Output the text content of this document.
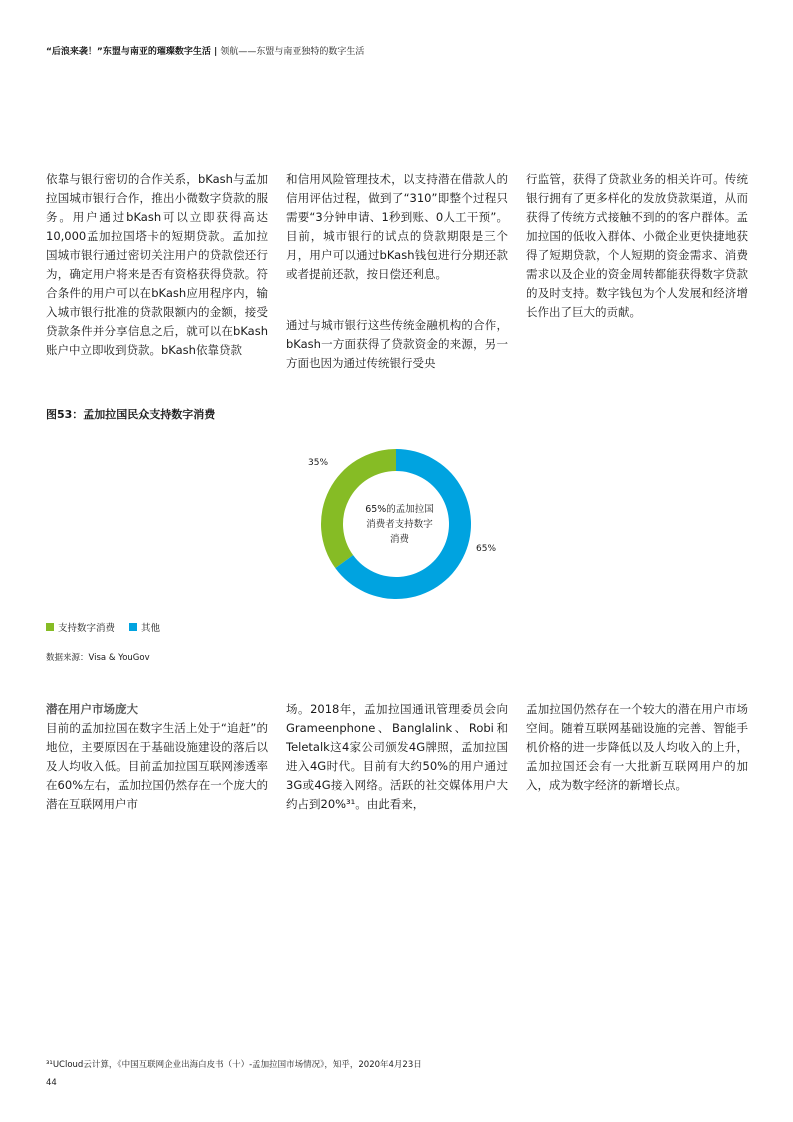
“后浪来袭！”东盟与南亚的璀璨数字生活 | 领航——东盟与南亚独特的数字生活
依靠与银行密切的合作关系，bKash与孟加拉国城市银行合作，推出小微数字贷款的服务。用户通过bKash可以立即获得高达10,000孟加拉国塔卡的短期贷款。孟加拉国城市银行通过密切关注用户的贷款偿还行为，确定用户将来是否有资格获得贷款。符合条件的用户可以在bKash应用程序内，输入城市银行批准的贷款限额内的金额，接受贷款条件并分享信息之后，就可以在bKash账户中立即收到贷款。bKash依靠贷款
和信用风险管理技术，以支持潜在借款人的信用评估过程，做到了“310”即整个过程只需要“3分钟申请、1秒到账、0人工干预”。目前，城市银行的试点的贷款期限是三个月，用户可以通过bKash钱包进行分期还款或者提前还款，按日偿还利息。
通过与城市银行这些传统金融机构的合作，bKash一方面获得了贷款资金的来源，另一方面也因为通过传统银行受央
行监管，获得了贷款业务的相关许可。传统银行拥有了更多样化的发放贷款渠道，从而获得了传统方式接触不到的的客户群体。孟加拉国的低收入群体、小微企业更快捷地获得了短期贷款，个人短期的资金需求、消费需求以及企业的资金周转都能获得数字贷款的及时支持。数字钱包为个人发展和经济增长作出了巨大的贡献。
图53：孟加拉国民众支持数字消费
35%
65%
65%的孟加拉国消费者支持数字消费
支持数字消费	其他
数据来源：Visa & YouGov
潜在用户市场庞大
目前的孟加拉国在数字生活上处于“追赶”的地位，主要原因在于基础设施建设的落后以及人均收入低。目前孟加拉国互联网渗透率在60%左右，孟加拉国仍然存在一个庞大的潜在互联网用户市
场。2018年，孟加拉国通讯管理委员会向Grameenphone、Banglalink、Robi和Teletalk这4家公司颁发4G牌照，孟加拉国进入4G时代。目前有大约50%的用户通过3G或4G接入网络。活跃的社交媒体用户大约占到20%³¹。由此看来，
孟加拉国仍然存在一个较大的潜在用户市场空间。随着互联网基础设施的完善、智能手机价格的进一步降低以及人均收入的上升，孟加拉国还会有一大批新互联网用户的加入，成为数字经济的新增长点。
³¹UCloud云计算，《中国互联网企业出海白皮书（十）-孟加拉国市场情况》，知乎，2020年4月23日
44
